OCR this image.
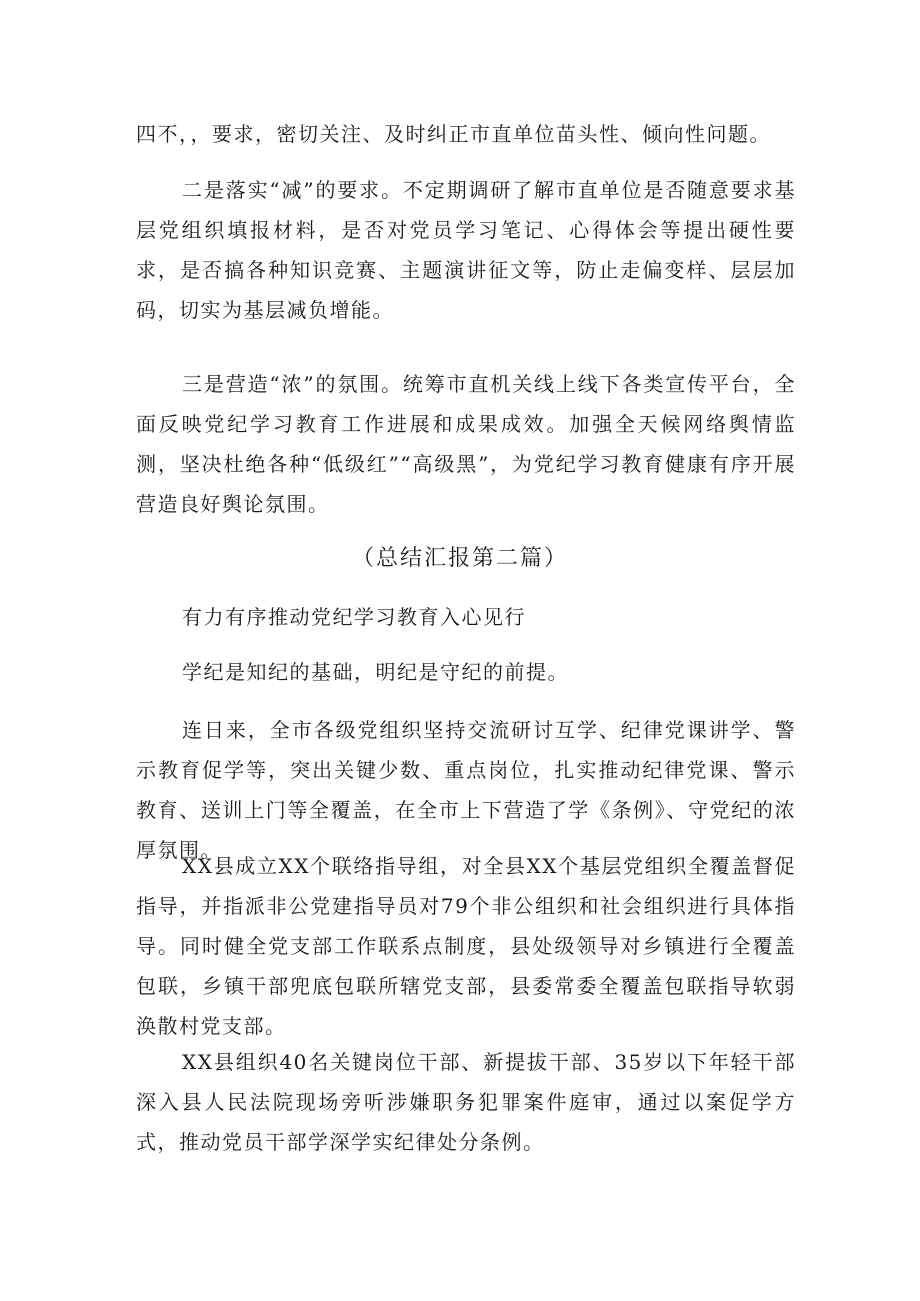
四不，，要求，密切关注、及时纠正市直单位苗头性、倾向性问题。

二是落实“减”的要求。不定期调研了解市直单位是否随意要求基层党组织填报材料，是否对党员学习笔记、心得体会等提出硬性要求，是否搞各种知识竞赛、主题演讲征文等，防止走偏变样、层层加码，切实为基层减负增能。

三是营造“浓”的氛围。统筹市直机关线上线下各类宣传平台，全面反映党纪学习教育工作进展和成果成效。加强全天候网络舆情监测，坚决杜绝各种“低级红”“高级黑”，为党纪学习教育健康有序开展营造良好舆论氛围。

（总结汇报第二篇）

有力有序推动党纪学习教育入心见行

学纪是知纪的基础，明纪是守纪的前提。

连日来，全市各级党组织坚持交流研讨互学、纪律党课讲学、警示教育促学等，突出关键少数、重点岗位，扎实推动纪律党课、警示教育、送训上门等全覆盖，在全市上下营造了学《条例》、守党纪的浓厚氛围。

XX县成立XX个联络指导组，对全县XX个基层党组织全覆盖督促指导，并指派非公党建指导员对79个非公组织和社会组织进行具体指导。同时健全党支部工作联系点制度，县处级领导对乡镇进行全覆盖包联，乡镇干部兜底包联所辖党支部，县委常委全覆盖包联指导软弱涣散村党支部。

XX县组织40名关键岗位干部、新提拔干部、35岁以下年轻干部深入县人民法院现场旁听涉嫌职务犯罪案件庭审，通过以案促学方式，推动党员干部学深学实纪律处分条例。
